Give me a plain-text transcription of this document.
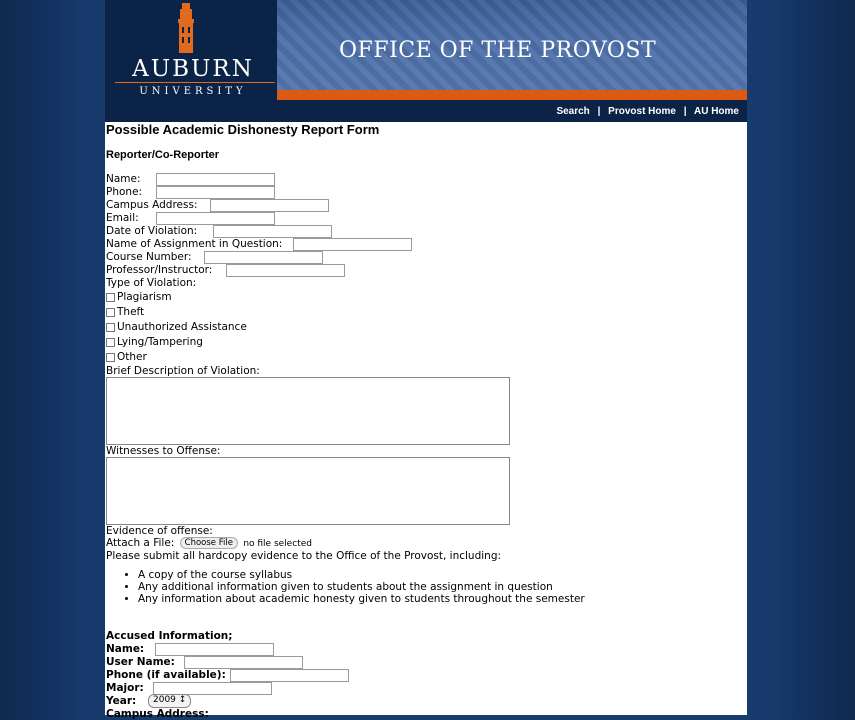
AUBURN
UNIVERSITY
OFFICE OF THE PROVOST
Search | Provost Home | AU Home
Possible Academic Dishonesty Report Form
Reporter/Co-Reporter
Name:
Phone:
Campus Address:
Email:
Date of Violation:
Name of Assignment in Question:
Course Number:
Professor/Instructor:
Type of Violation:
Plagiarism
Theft
Unauthorized Assistance
Lying/Tampering
Other
Brief Description of Violation:
Witnesses to Offense:
Evidence of offense:
Attach a File: Choose File no file selected
Please submit all hardcopy evidence to the Office of the Provost, including:
• A copy of the course syllabus
• Any additional information given to students about the assignment in question
• Any information about academic honesty given to students throughout the semester
Accused Information;
Name:
User Name:
Phone (if available):
Major:
Year:	2009 ↕
Campus Address:
